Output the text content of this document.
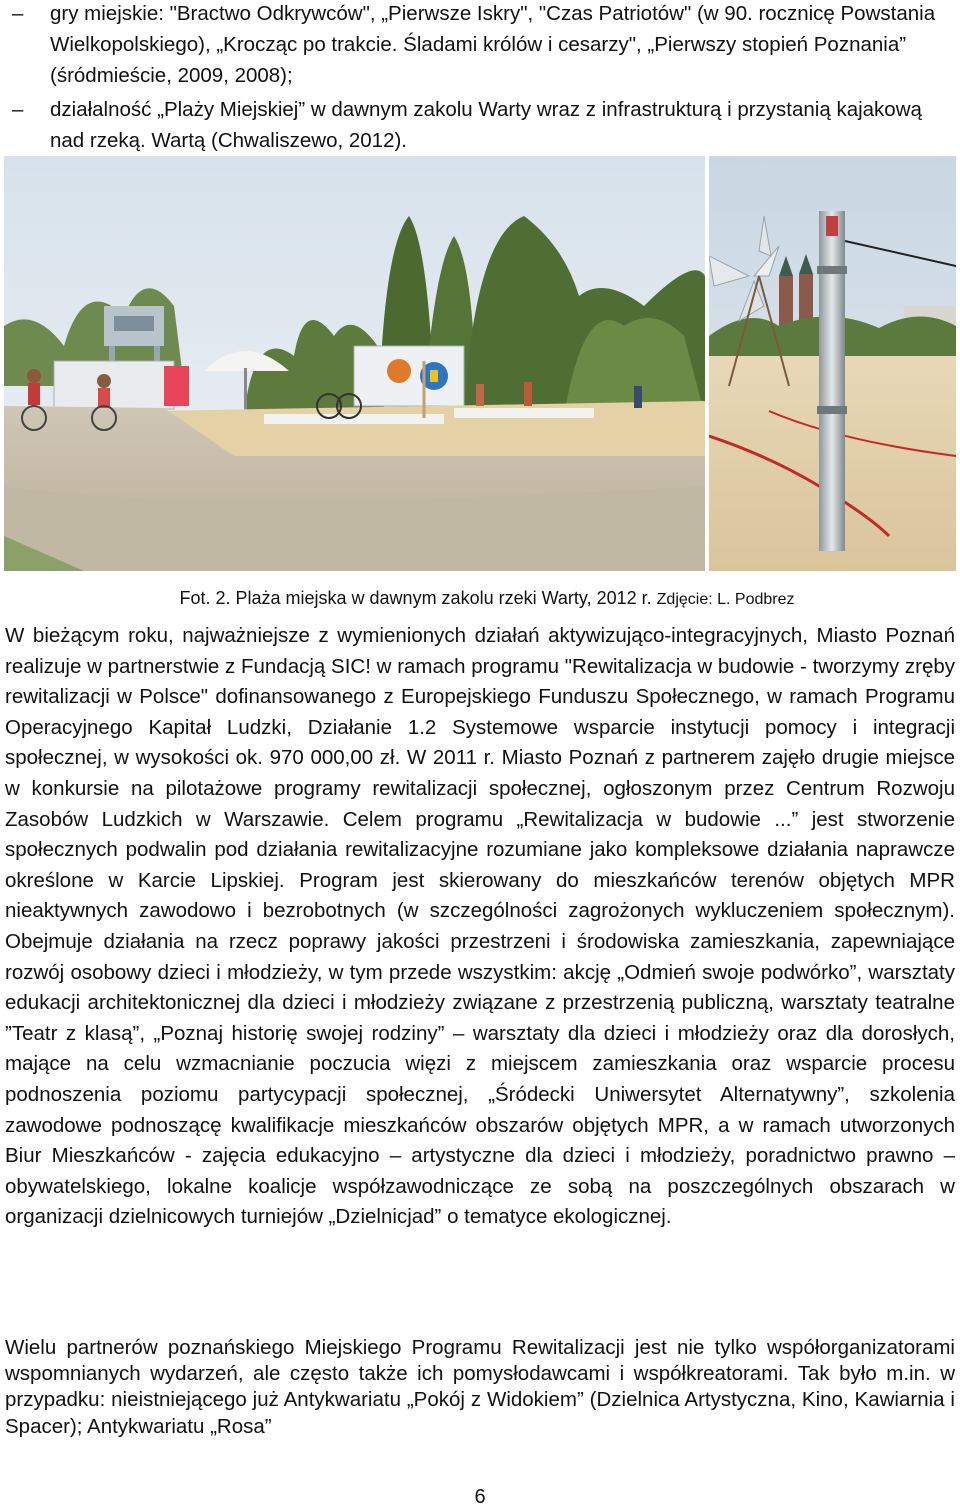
– gry miejskie: "Bractwo Odkrywców", „Pierwsze Iskry", "Czas Patriotów" (w 90. rocznicę Powstania Wielkopolskiego), „Krocząc po trakcie. Śladami królów i cesarzy", „Pierwszy stopień Poznania” (śródmieście, 2009, 2008);
– działalność „Plaży Miejskiej” w dawnym zakolu Warty wraz z infrastrukturą i przystanią kajakową nad rzeką. Wartą (Chwaliszewo, 2012).
Fot. 2. Plaża miejska w dawnym zakolu rzeki Warty, 2012 r. Zdjęcie: L. Podbrez

W bieżącym roku, najważniejsze z wymienionych działań aktywizująco-integracyjnych, Miasto Poznań realizuje w partnerstwie z Fundacją SIC! w ramach programu "Rewitalizacja w budowie - tworzymy zręby rewitalizacji w Polsce" dofinansowanego z Europejskiego Funduszu Społecznego, w ramach Programu Operacyjnego Kapitał Ludzki, Działanie 1.2 Systemowe wsparcie instytucji pomocy i integracji społecznej, w wysokości ok. 970 000,00 zł. W 2011 r. Miasto Poznań z partnerem zajęło drugie miejsce w konkursie na pilotażowe programy rewitalizacji społecznej, ogłoszonym przez Centrum Rozwoju Zasobów Ludzkich w Warszawie. Celem programu „Rewitalizacja w budowie ...” jest stworzenie społecznych podwalin pod działania rewitalizacyjne rozumiane jako kompleksowe działania naprawcze określone w Karcie Lipskiej. Program jest skierowany do mieszkańców terenów objętych MPR nieaktywnych zawodowo i bezrobotnych (w szczególności zagrożonych wykluczeniem społecznym). Obejmuje działania na rzecz poprawy jakości przestrzeni i środowiska zamieszkania, zapewniające rozwój osobowy dzieci i młodzieży, w tym przede wszystkim: akcję „Odmień swoje podwórko”, warsztaty edukacji architektonicznej dla dzieci i młodzieży związane z przestrzenią publiczną, warsztaty teatralne ”Teatr z klasą”, „Poznaj historię swojej rodziny” – warsztaty dla dzieci i młodzieży oraz dla dorosłych, mające na celu wzmacnianie poczucia więzi z miejscem zamieszkania oraz wsparcie procesu podnoszenia poziomu partycypacji społecznej, „Śródecki Uniwersytet Alternatywny”, szkolenia zawodowe podnoszącę kwalifikacje mieszkańców obszarów objętych MPR, a w ramach utworzonych Biur Mieszkańców - zajęcia edukacyjno – artystyczne dla dzieci i młodzieży, poradnictwo prawno – obywatelskiego, lokalne koalicje współzawodniczące ze sobą na poszczególnych obszarach w organizacji dzielnicowych turniejów „Dzielnicjad” o tematyce ekologicznej.

Wielu partnerów poznańskiego Miejskiego Programu Rewitalizacji jest nie tylko współorganizatorami wspomnianych wydarzeń, ale często także ich pomysłodawcami i współkreatorami. Tak było m.in. w przypadku: nieistniejącego już Antykwariatu „Pokój z Widokiem” (Dzielnica Artystyczna, Kino, Kawiarnia i Spacer); Antykwariatu „Rosa”

6
